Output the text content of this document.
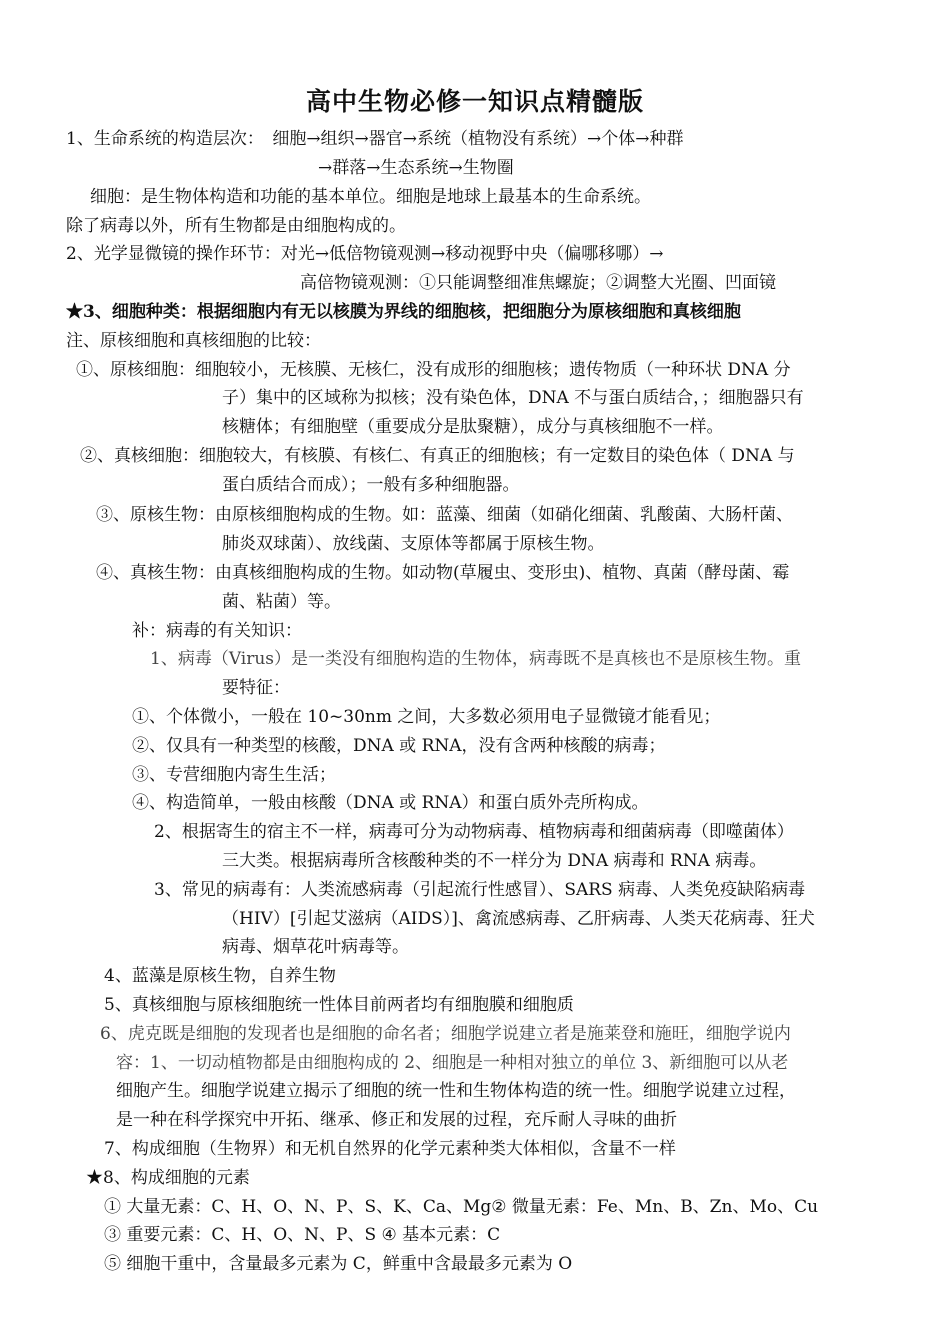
高中生物必修一知识点精髓版
1、生命系统的构造层次：　细胞→组织→器官→系统（植物没有系统）→个体→种群
→群落→生态系统→生物圈
细胞：是生物体构造和功能的基本单位。细胞是地球上最基本的生命系统。
除了病毒以外，所有生物都是由细胞构成的。
2、光学显微镜的操作环节：对光→低倍物镜观测→移动视野中央（偏哪移哪）→
高倍物镜观测：①只能调整细准焦螺旋；②调整大光圈、凹面镜
★3、细胞种类：根据细胞内有无以核膜为界线的细胞核，把细胞分为原核细胞和真核细胞
注、原核细胞和真核细胞的比较：
①、原核细胞：细胞较小，无核膜、无核仁，没有成形的细胞核；遗传物质（一种环状 DNA 分
子）集中的区域称为拟核；没有染色体，DNA 不与蛋白质结合，；细胞器只有
核糖体；有细胞壁（重要成分是肽聚糖），成分与真核细胞不一样。
②、真核细胞：细胞较大，有核膜、有核仁、有真正的细胞核；有一定数目的染色体（ DNA 与
蛋白质结合而成）；一般有多种细胞器。
③、原核生物：由原核细胞构成的生物。如：蓝藻、细菌（如硝化细菌、乳酸菌、大肠杆菌、
肺炎双球菌）、放线菌、支原体等都属于原核生物。
④、真核生物：由真核细胞构成的生物。如动物(草履虫、变形虫)、植物、真菌（酵母菌、霉
菌、粘菌）等。
补：病毒的有关知识：
1、病毒（Virus）是一类没有细胞构造的生物体，病毒既不是真核也不是原核生物。重
要特征：
①、个体微小，一般在 10~30nm 之间，大多数必须用电子显微镜才能看见；
②、仅具有一种类型的核酸，DNA 或 RNA，没有含两种核酸的病毒；
③、专营细胞内寄生生活；
④、构造简单，一般由核酸（DNA 或 RNA）和蛋白质外壳所构成。
2、根据寄生的宿主不一样，病毒可分为动物病毒、植物病毒和细菌病毒（即噬菌体）
三大类。根据病毒所含核酸种类的不一样分为 DNA 病毒和 RNA 病毒。
3、常见的病毒有：人类流感病毒（引起流行性感冒）、SARS 病毒、人类免疫缺陷病毒
（HIV）[引起艾滋病（AIDS）]、禽流感病毒、乙肝病毒、人类天花病毒、狂犬
病毒、烟草花叶病毒等。
4、蓝藻是原核生物，自养生物
5、真核细胞与原核细胞统一性体目前两者均有细胞膜和细胞质
6、虎克既是细胞的发现者也是细胞的命名者；细胞学说建立者是施莱登和施旺，细胞学说内
容：1、一切动植物都是由细胞构成的 2、细胞是一种相对独立的单位 3、新细胞可以从老
细胞产生。细胞学说建立揭示了细胞的统一性和生物体构造的统一性。细胞学说建立过程，
是一种在科学探究中开拓、继承、修正和发展的过程，充斥耐人寻味的曲折
7、构成细胞（生物界）和无机自然界的化学元素种类大体相似，含量不一样
★8、构成细胞的元素
① 大量无素：C、H、O、N、P、S、K、Ca、Mg② 微量无素：Fe、Mn、B、Zn、Mo、Cu
③ 重要元素：C、H、O、N、P、S ④ 基本元素：C
⑤ 细胞干重中，含量最多元素为 C，鲜重中含最最多元素为 O
